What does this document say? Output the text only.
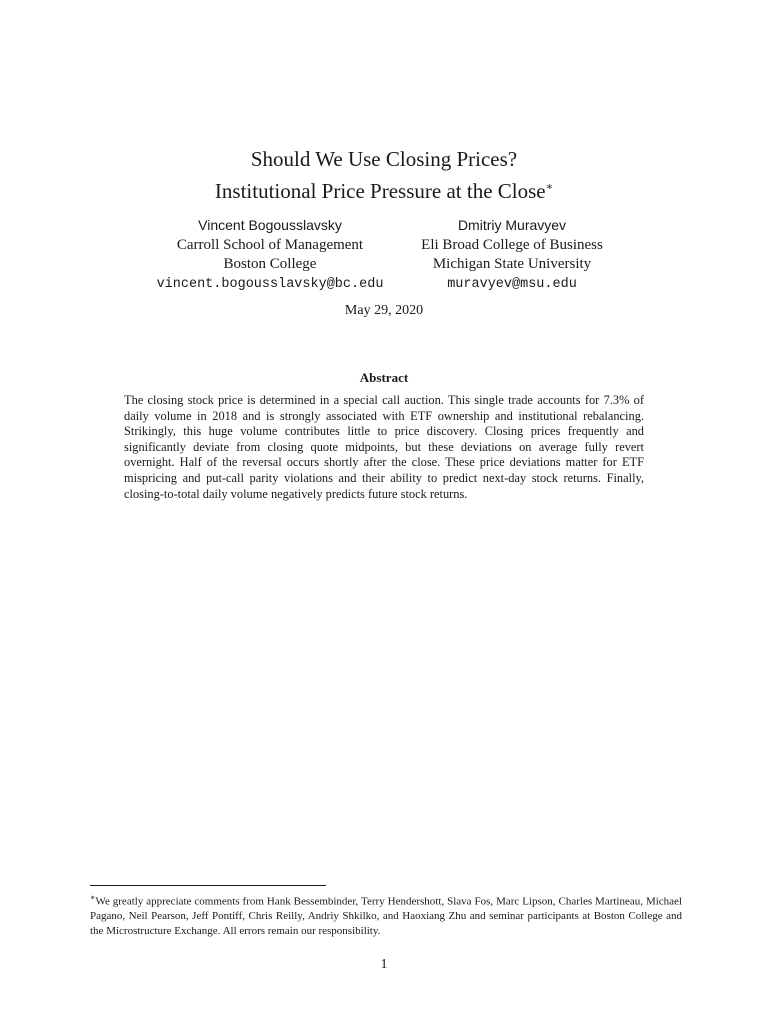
Should We Use Closing Prices?
Institutional Price Pressure at the Close∗
Vincent Bogousslavsky
Carroll School of Management
Boston College
vincent.bogousslavsky@bc.edu
Dmitriy Muravyev
Eli Broad College of Business
Michigan State University
muravyev@msu.edu
May 29, 2020
Abstract
The closing stock price is determined in a special call auction. This single trade accounts for 7.3% of daily volume in 2018 and is strongly associated with ETF ownership and institutional rebalancing. Strikingly, this huge volume contributes little to price discovery. Closing prices frequently and significantly deviate from closing quote midpoints, but these deviations on average fully revert overnight. Half of the reversal occurs shortly after the close. These price deviations matter for ETF mispricing and put-call parity violations and their ability to predict next-day stock returns. Finally, closing-to-total daily volume negatively predicts future stock returns.
∗We greatly appreciate comments from Hank Bessembinder, Terry Hendershott, Slava Fos, Marc Lipson, Charles Martineau, Michael Pagano, Neil Pearson, Jeff Pontiff, Chris Reilly, Andriy Shkilko, and Haoxiang Zhu and seminar participants at Boston College and the Microstructure Exchange. All errors remain our responsibility.
1
